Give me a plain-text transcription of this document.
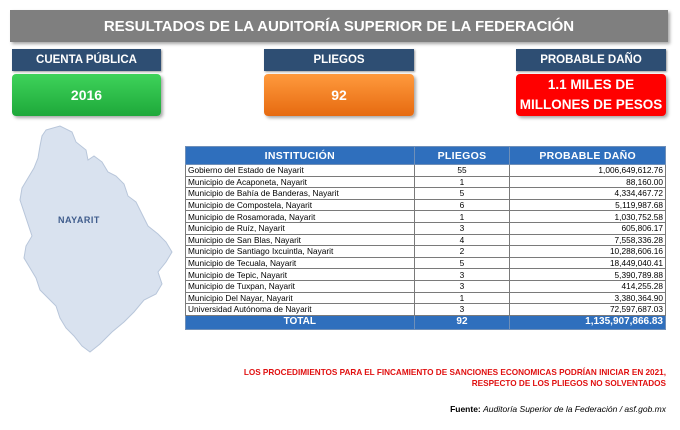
RESULTADOS DE LA AUDITORÍA SUPERIOR DE LA FEDERACIÓN
CUENTA PÚBLICA
2016
PLIEGOS
92
PROBABLE DAÑO
1.1 MILES DE
MILLONES DE PESOS
NAYARIT
INSTITUCIÓN	PLIEGOS	PROBABLE DAÑO
Gobierno del Estado de Nayarit	55	1,006,649,612.76
Municipio de Acaponeta, Nayarit	1	88,160.00
Municipio de Bahía de Banderas, Nayarit	5	4,334,467.72
Municipio de Compostela, Nayarit	6	5,119,987.68
Municipio de Rosamorada, Nayarit	1	1,030,752.58
Municipio de Ruíz, Nayarit	3	605,806.17
Municipio de San Blas, Nayarit	4	7,558,336.28
Municipio de Santiago Ixcuintla, Nayarit	2	10,288,606.16
Municipio de Tecuala, Nayarit	5	18,449,040.41
Municipio de Tepic, Nayarit	3	5,390,789.88
Municipio de Tuxpan, Nayarit	3	414,255.28
Municipio Del Nayar, Nayarit	1	3,380,364.90
Universidad Autónoma de Nayarit	3	72,597,687.03
TOTAL	92	1,135,907,866.83
LOS PROCEDIMIENTOS PARA EL FINCAMIENTO DE SANCIONES ECONOMICAS PODRÍAN INICIAR EN 2021,
RESPECTO DE LOS PLIEGOS NO SOLVENTADOS
Fuente: Auditoría Superior de la Federación / asf.gob.mx
